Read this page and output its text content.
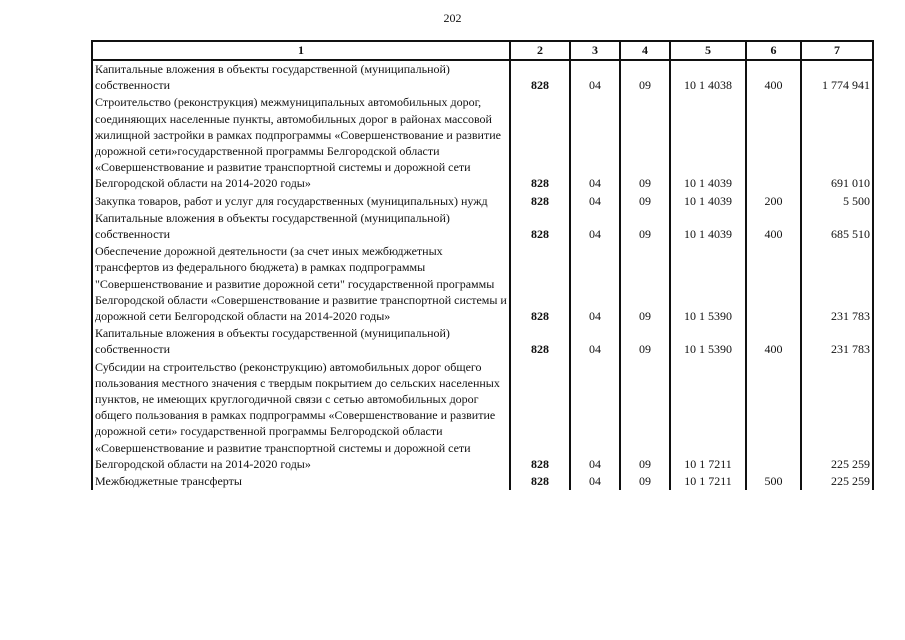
202
1	2	3	4	5	6	7
Капитальные вложения в объекты государственной (муниципальной) собственности	828	04	09	10 1 4038	400	1 774 941
Строительство (реконструкция) межмуниципальных автомобильных дорог, соединяющих населенные пункты, автомобильных дорог в районах массовой жилищной застройки в рамках подпрограммы «Совершенствование и развитие дорожной сети»государственной программы Белгородской области «Совершенствование и развитие транспортной системы и дорожной сети Белгородской области на 2014-2020 годы»	828	04	09	10 1 4039		691 010
Закупка товаров, работ и услуг для государственных (муниципальных) нужд	828	04	09	10 1 4039	200	5 500
Капитальные вложения в объекты государственной (муниципальной) собственности	828	04	09	10 1 4039	400	685 510
Обеспечение дорожной деятельности (за счет иных межбюджетных трансфертов из федерального бюджета) в рамках подпрограммы "Совершенствование и развитие дорожной сети" государственной программы Белгородской области «Совершенствование и развитие транспортной системы и дорожной сети Белгородской области на 2014-2020 годы»	828	04	09	10 1 5390		231 783
Капитальные вложения в объекты государственной (муниципальной) собственности	828	04	09	10 1 5390	400	231 783
Субсидии на строительство (реконструкцию) автомобильных дорог общего пользования местного значения с твердым покрытием до сельских населенных пунктов, не имеющих круглогодичной связи с сетью автомобильных дорог общего пользования в рамках подпрограммы «Совершенствование и развитие дорожной сети» государственной программы Белгородской области «Совершенствование и развитие транспортной системы и дорожной сети Белгородской области на 2014-2020 годы»	828	04	09	10 1 7211		225 259
Межбюджетные трансферты	828	04	09	10 1 7211	500	225 259
